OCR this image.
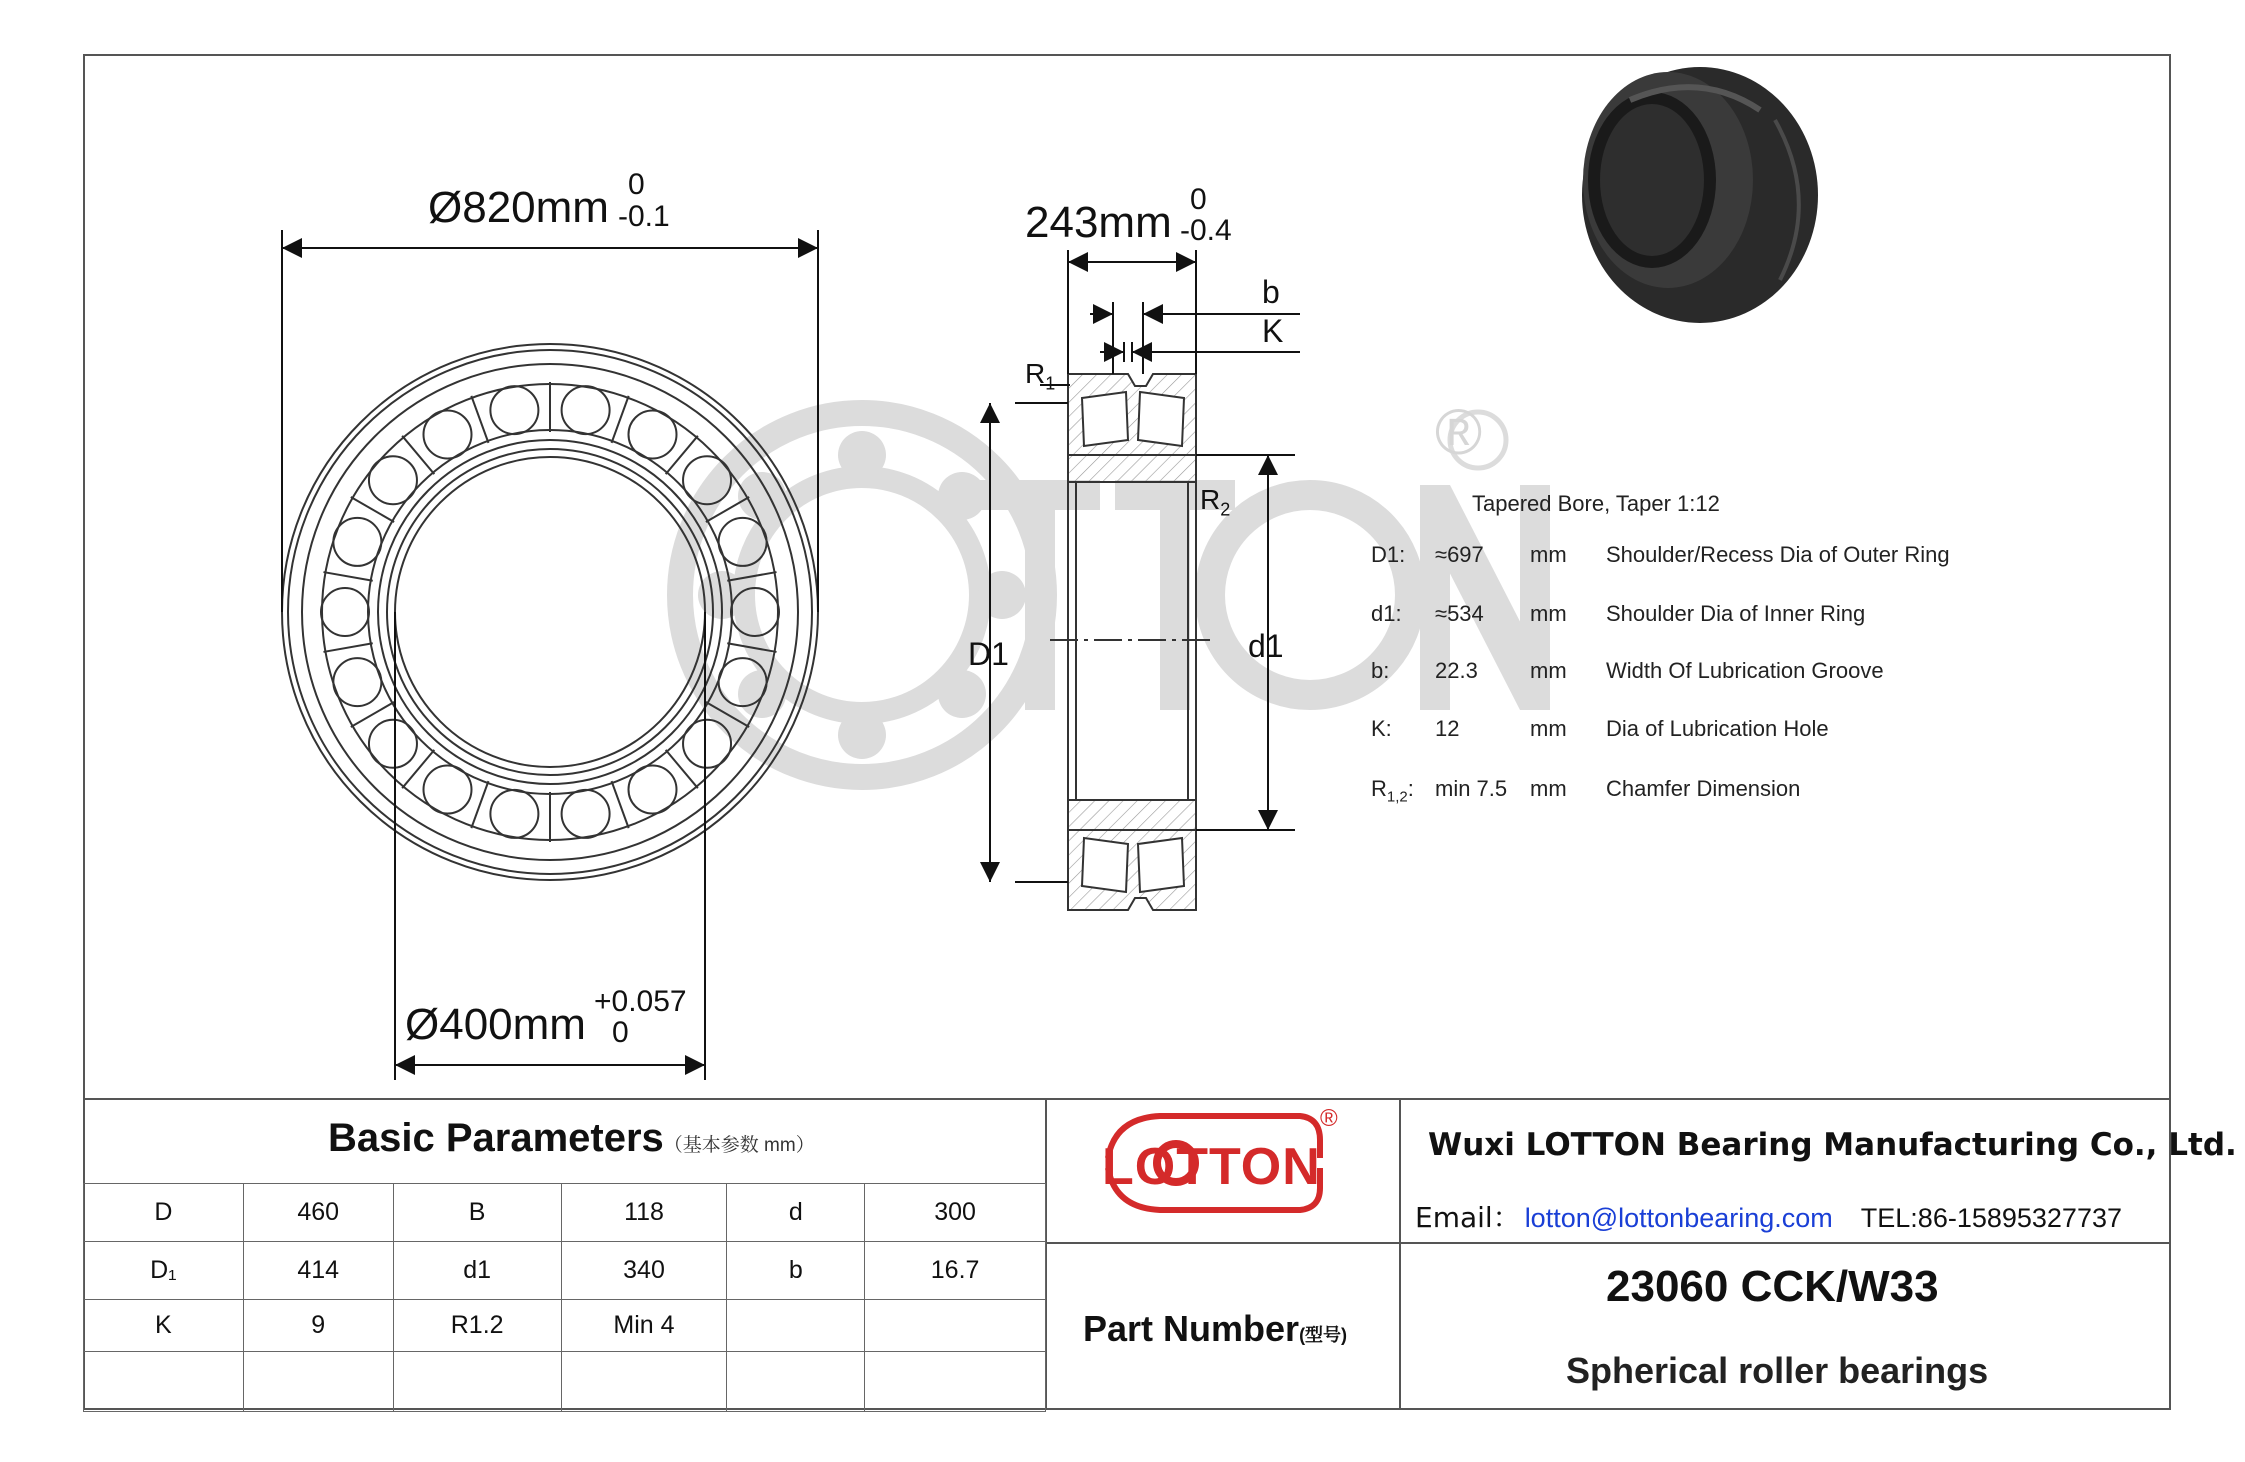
Ø820mm 0
-0.1	243mm 0
-0.4
Ø400mm +0.057
0
b
K
$R_1$
$R_2$
D1	d1
®
Tapered Bore, Taper 1:12
D1: ≈697 mm Shoulder/Recess Dia of Outer Ring
d1: ≈534 mm Shoulder Dia of Inner Ring
b: 22.3 mm Width Of Lubrication Groove
K: 12	mm Dia of Lubrication Hole
$R_{1,2}$: min 7.5 mm Chamfer Dimension
Basic Parameters（基本参数 mm）
D	460	B	118	d	300
D₁	414	d1	340	b	16.7
K	9	R1.2	Min 4		

LOTTON
®
Wuxi LOTTON Bearing Manufacturing Co., Ltd.
Email： lotton@lottonbearing.com TEL:86-15895327737
Part Number(型号)
23060 CCK/W33
Spherical roller bearings
